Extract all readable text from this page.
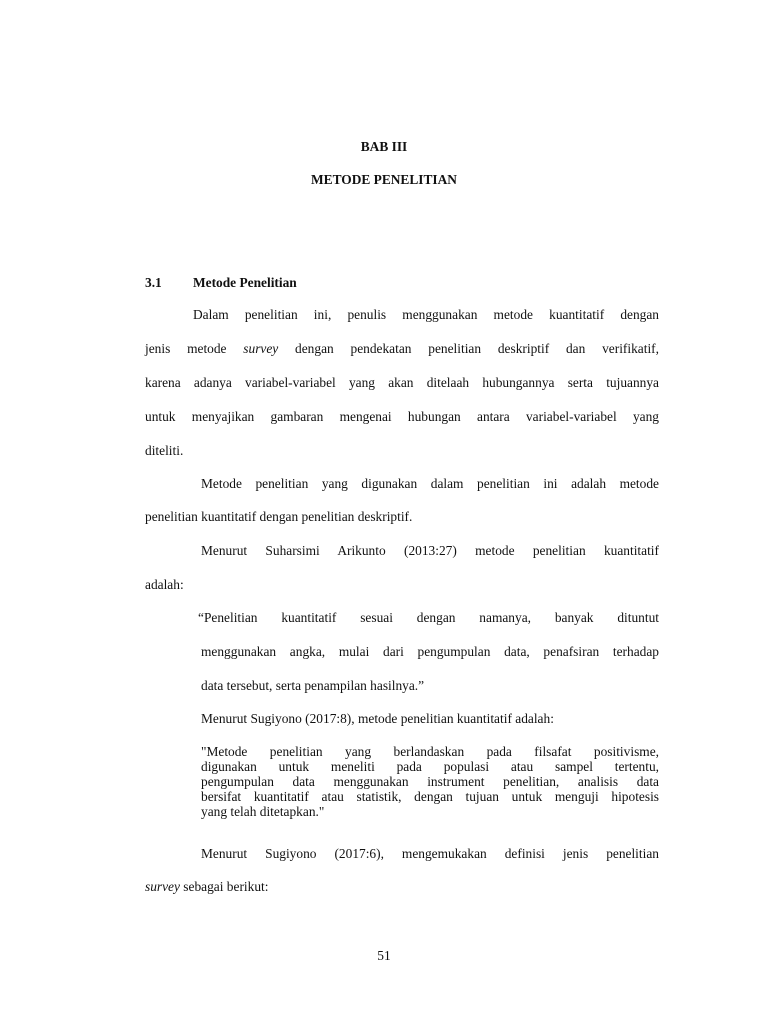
BAB III
METODE PENELITIAN
3.1 Metode Penelitian
Dalam penelitian ini, penulis menggunakan metode kuantitatif dengan
jenis metode survey dengan pendekatan penelitian deskriptif dan verifikatif,
karena adanya variabel-variabel yang akan ditelaah hubungannya serta tujuannya
untuk menyajikan gambaran mengenai hubungan antara variabel-variabel yang
diteliti.
Metode penelitian yang digunakan dalam penelitian ini adalah metode
penelitian kuantitatif dengan penelitian deskriptif.
Menurut Suharsimi Arikunto (2013:27) metode penelitian kuantitatif
adalah:
“Penelitian kuantitatif sesuai dengan namanya, banyak dituntut
menggunakan angka, mulai dari pengumpulan data, penafsiran terhadap
data tersebut, serta penampilan hasilnya.”
Menurut Sugiyono (2017:8), metode penelitian kuantitatif adalah:
"Metode penelitian yang berlandaskan pada filsafat positivisme,
digunakan untuk meneliti pada populasi atau sampel tertentu,
pengumpulan data menggunakan instrument penelitian, analisis data
bersifat kuantitatif atau statistik, dengan tujuan untuk menguji hipotesis
yang telah ditetapkan."
Menurut Sugiyono (2017:6), mengemukakan definisi jenis penelitian
survey sebagai berikut:
51
